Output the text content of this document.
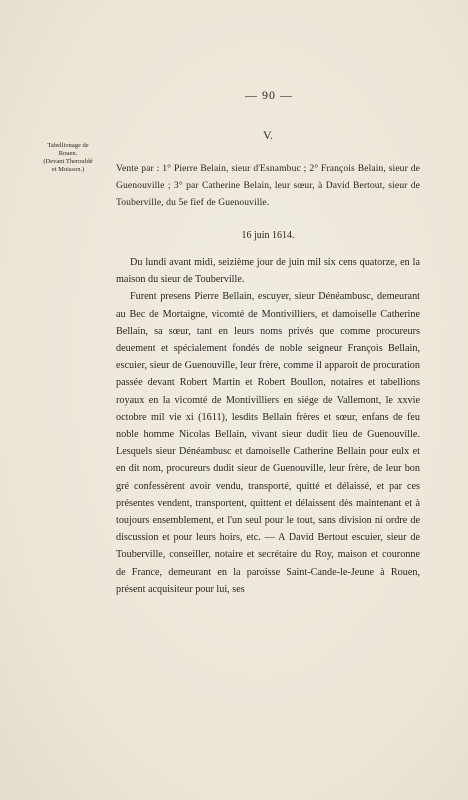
— 90 —
Tabellionage de
Rouen.
(Devant Therouldé
et Moisson.)
V.
Vente par : 1° Pierre Belain, sieur d'Esnambuc ; 2° François Belain, sieur de Guenouville ; 3° par Catherine Belain, leur sœur, à David Bertout, sieur de Touberville, du 5e fief de Guenouville.
16 juin 1614.

Du lundi avant midi, seizième jour de juin mil six cens quatorze, en la maison du sieur de Touberville.

Furent presens Pierre Bellain, escuyer, sieur Dénéambusc, demeurant au Bec de Mortaigne, vicomté de Montivilliers, et damoiselle Catherine Bellain, sa sœur, tant en leurs noms privés que comme procureurs deuement et spécialement fondés de noble seigneur François Bellain, escuier, sieur de Guenouville, leur frère, comme il apparoit de procuration passée devant Robert Martin et Robert Boullon, notaires et tabellions royaux en la vicomté de Montivilliers en siége de Vallemont, le xxvie octobre mil vie xi (1611), lesdits Bellain frères et sœur, enfans de feu noble homme Nicolas Bellain, vivant sieur dudit lieu de Guenouville. Lesquels sieur Dénéambusc et damoiselle Catherine Bellain pour eulx et en dit nom, procureurs dudit sieur de Guenouville, leur frère, de leur bon gré confessèrent avoir vendu, transporté, quitté et délaissé, et par ces présentes vendent, transportent, quittent et délaissent dès maintenant et à toujours ensemblement, et l'un seul pour le tout, sans division ni ordre de discussion et pour leurs hoirs, etc. — A David Bertout escuier, sieur de Touberville, conseiller, notaire et secrétaire du Roy, maison et couronne de France, demeurant en la paroisse Saint-Cande-le-Jeune à Rouen, présent acquisiteur pour lui, ses
